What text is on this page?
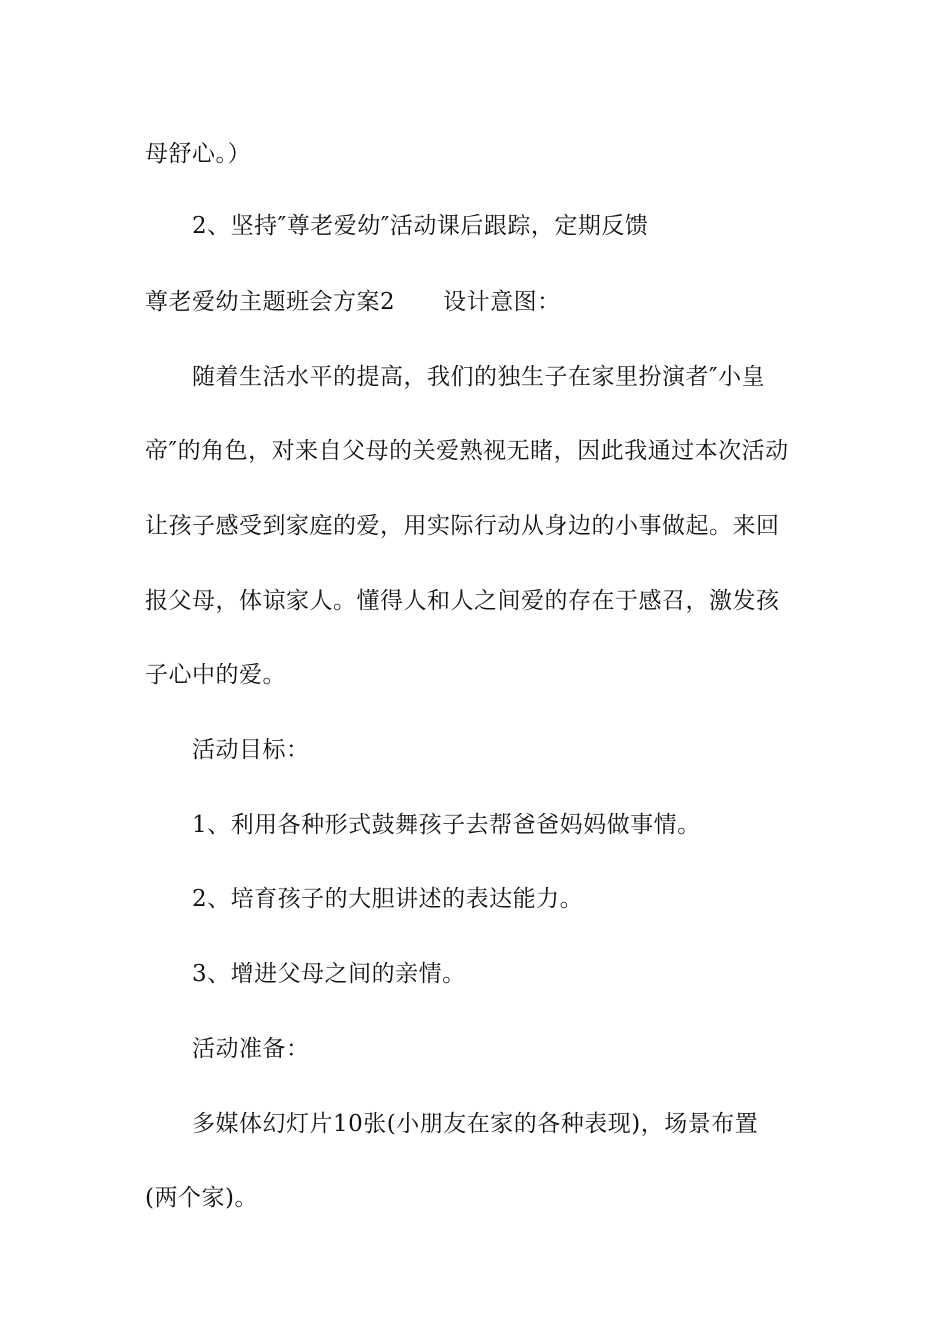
母舒心。）
2、坚持″尊老爱幼″活动课后跟踪，定期反馈
尊老爱幼主题班会方案2 设计意图：
随着生活水平的提高，我们的独生子在家里扮演者″小皇
帝″的角色，对来自父母的关爱熟视无睹，因此我通过本次活动
让孩子感受到家庭的爱，用实际行动从身边的小事做起。来回
报父母，体谅家人。懂得人和人之间爱的存在于感召，激发孩
子心中的爱。
活动目标：
1、利用各种形式鼓舞孩子去帮爸爸妈妈做事情。
2、培育孩子的大胆讲述的表达能力。
3、增进父母之间的亲情。
活动准备：
多媒体幻灯片10张(小朋友在家的各种表现)，场景布置
(两个家)。
